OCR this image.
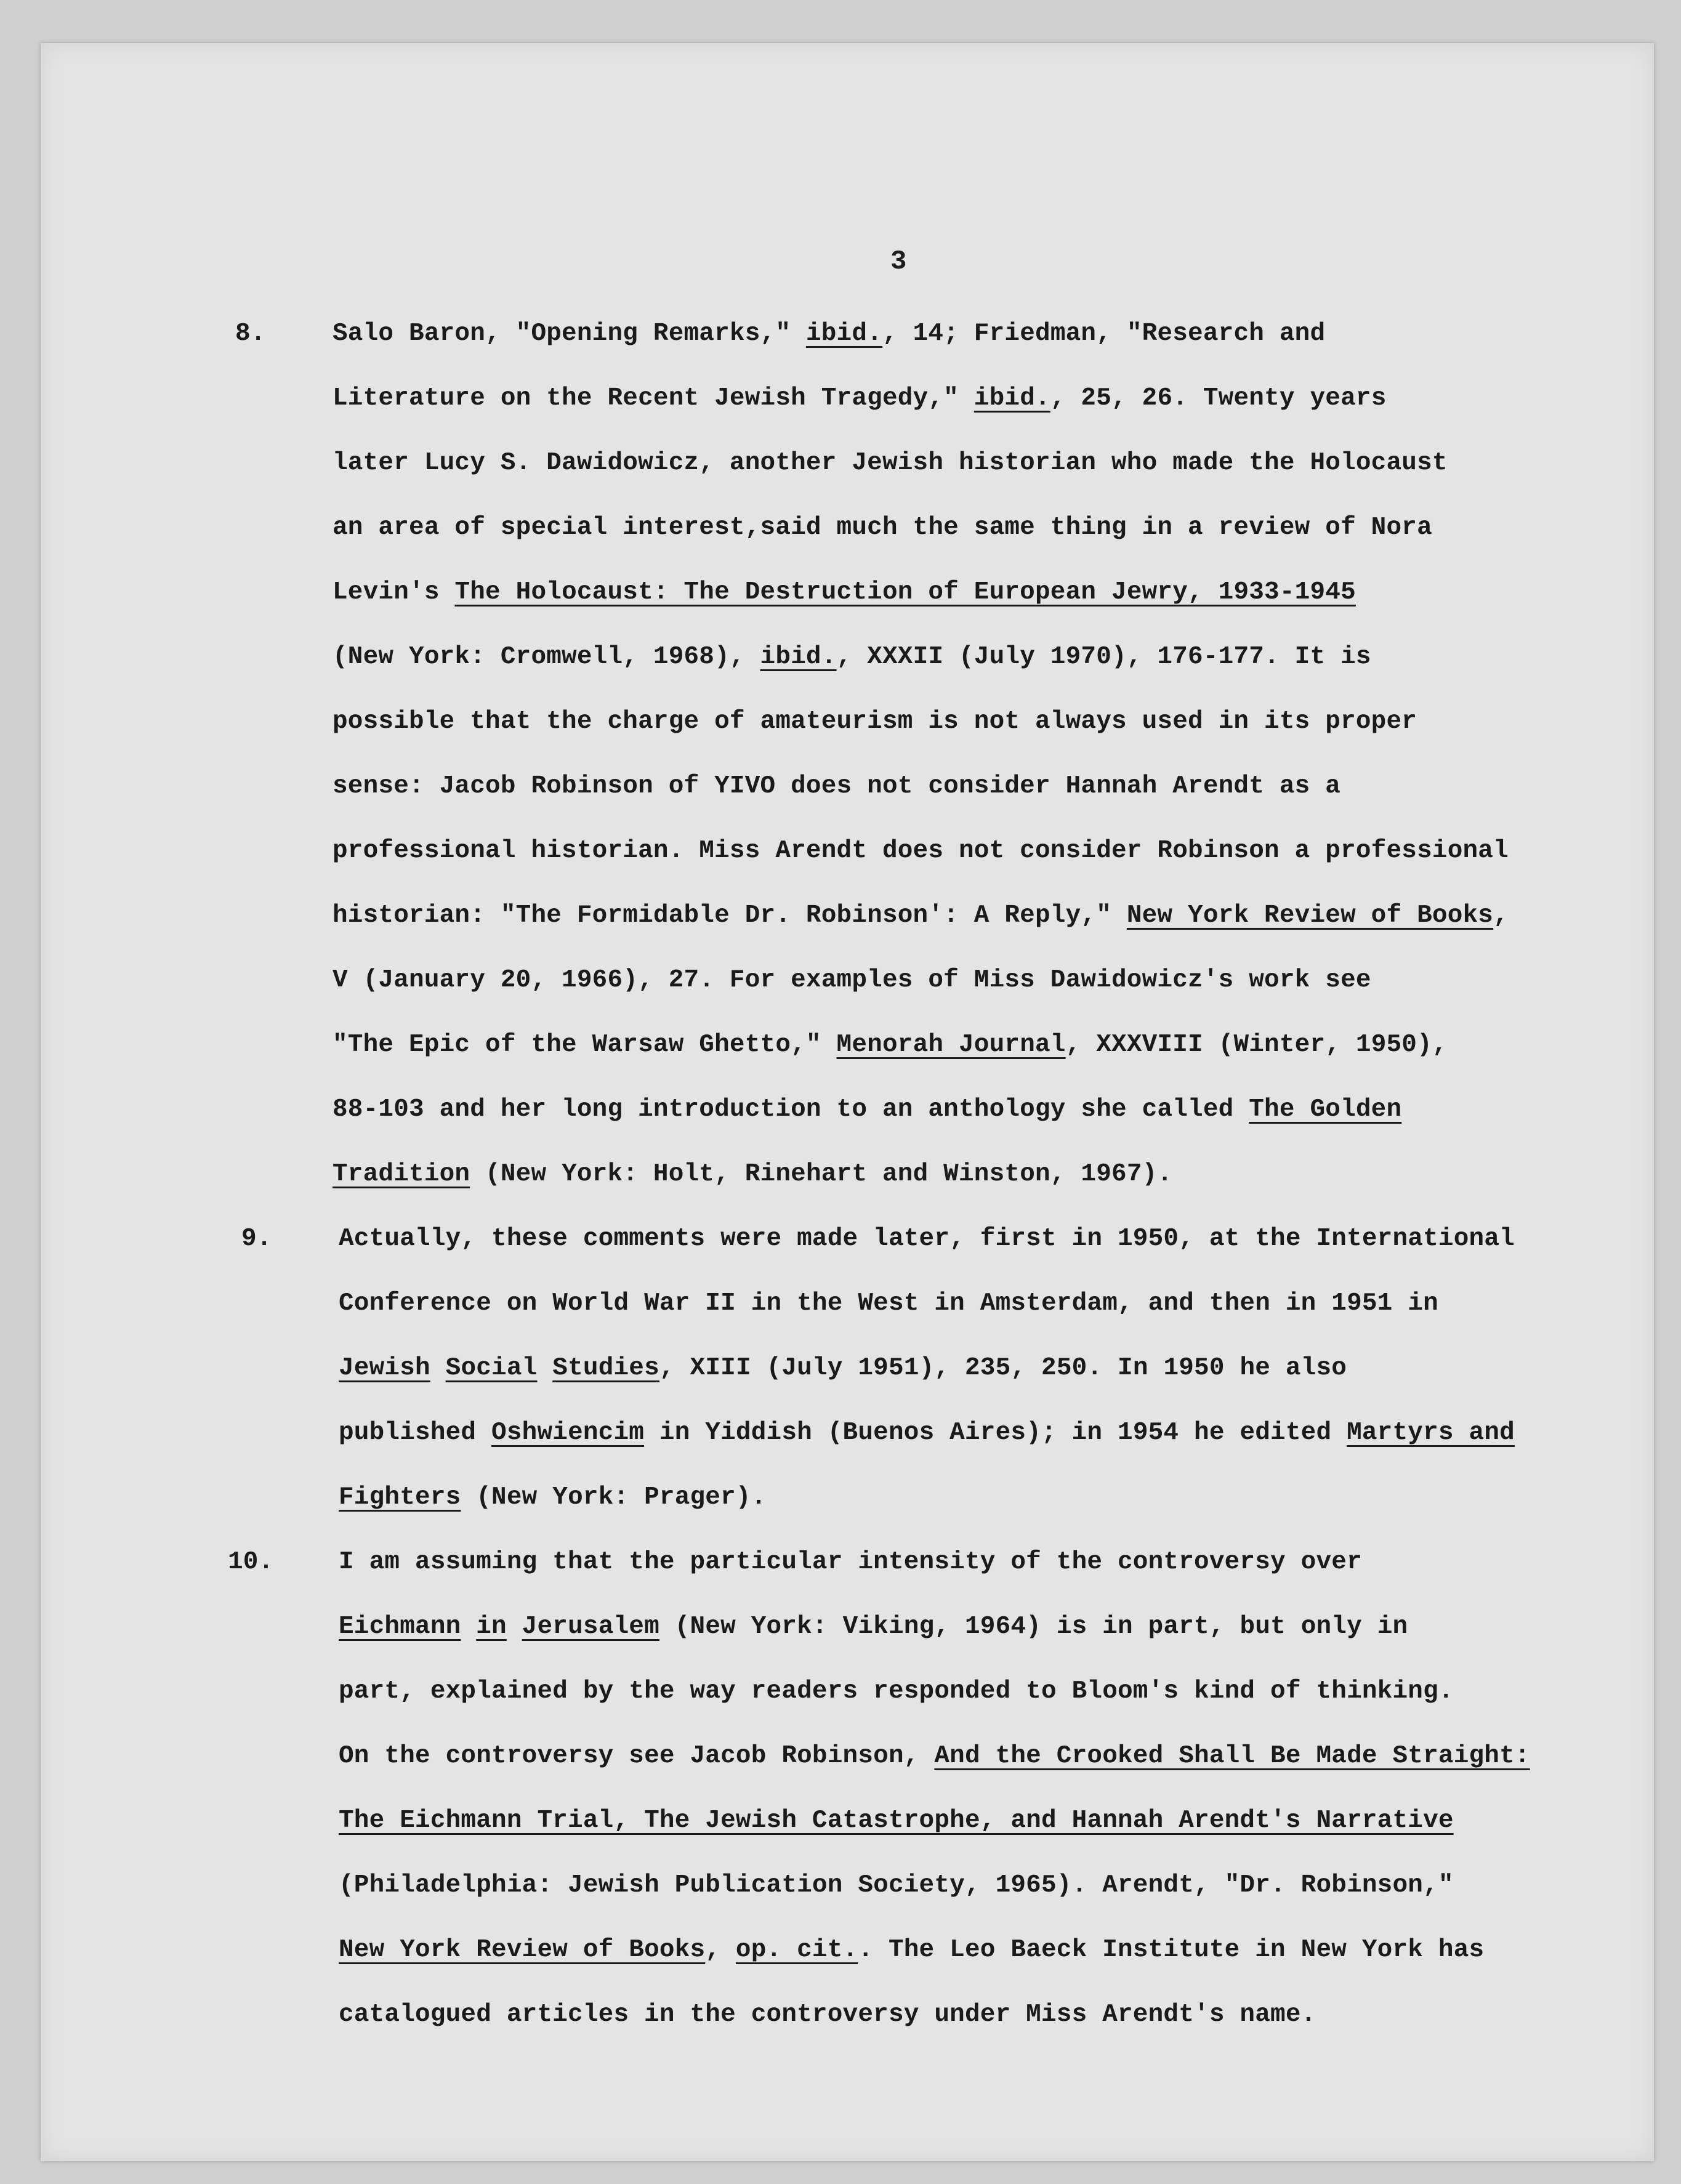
3
8.	Salo Baron, "Opening Remarks," ibid., 14; Friedman, "Research and
Literature on the Recent Jewish Tragedy," ibid., 25, 26. Twenty years
later Lucy S. Dawidowicz, another Jewish historian who made the Holocaust
an area of special interest,said much the same thing in a review of Nora
Levin's The Holocaust: The Destruction of European Jewry, 1933-1945
(New York: Cromwell, 1968), ibid., XXXII (July 1970), 176-177. It is
possible that the charge of amateurism is not always used in its proper
sense: Jacob Robinson of YIVO does not consider Hannah Arendt as a
professional historian. Miss Arendt does not consider Robinson a professional
historian: "The Formidable Dr. Robinson': A Reply," New York Review of Books,
V (January 20, 1966), 27. For examples of Miss Dawidowicz's work see
"The Epic of the Warsaw Ghetto," Menorah Journal, XXXVIII (Winter, 1950),
88-103 and her long introduction to an anthology she called The Golden
Tradition (New York: Holt, Rinehart and Winston, 1967).
9.	Actually, these comments were made later, first in 1950, at the International
Conference on World War II in the West in Amsterdam, and then in 1951 in
Jewish Social Studies, XIII (July 1951), 235, 250. In 1950 he also
published Oshwiencim in Yiddish (Buenos Aires); in 1954 he edited Martyrs and
Fighters (New York: Prager).
10.	I am assuming that the particular intensity of the controversy over
Eichmann in Jerusalem (New York: Viking, 1964) is in part, but only in
part, explained by the way readers responded to Bloom's kind of thinking.
On the controversy see Jacob Robinson, And the Crooked Shall Be Made Straight:
The Eichmann Trial, The Jewish Catastrophe, and Hannah Arendt's Narrative
(Philadelphia: Jewish Publication Society, 1965). Arendt, "Dr. Robinson,"
New York Review of Books, op. cit.. The Leo Baeck Institute in New York has
catalogued articles in the controversy under Miss Arendt's name.
